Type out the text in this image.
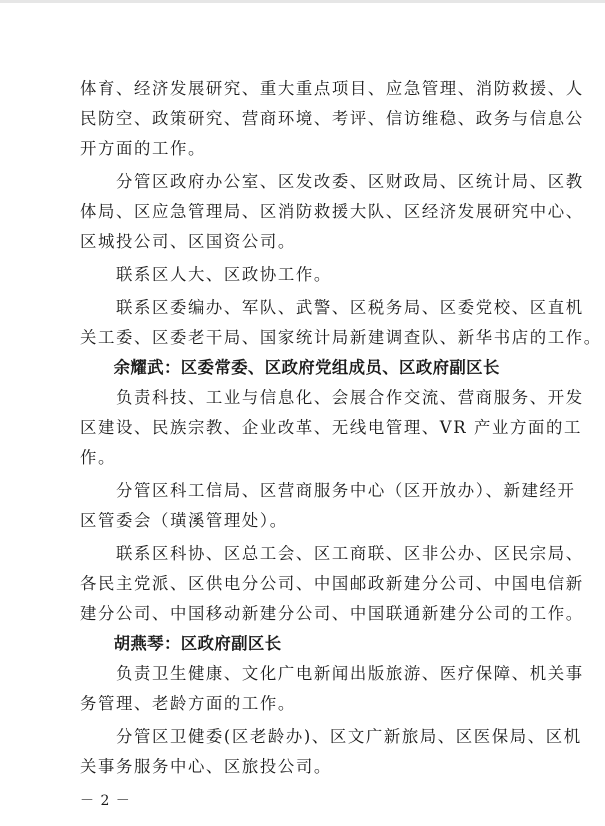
体育、经济发展研究、重大重点项目、应急管理、消防救援、人

民防空、政策研究、营商环境、考评、信访维稳、政务与信息公

开方面的工作。

　　分管区政府办公室、区发改委、区财政局、区统计局、区教

体局、区应急管理局、区消防救援大队、区经济发展研究中心、

区城投公司、区国资公司。

　　联系区人大、区政协工作。

　　联系区委编办、军队、武警、区税务局、区委党校、区直机

关工委、区委老干局、国家统计局新建调查队、新华书店的工作。

　　余耀武：区委常委、区政府党组成员、区政府副区长

　　负责科技、工业与信息化、会展合作交流、营商服务、开发

区建设、民族宗教、企业改革、无线电管理、VR 产业方面的工

作。

　　分管区科工信局、区营商服务中心（区开放办）、新建经开

区管委会（璜溪管理处）。

　　联系区科协、区总工会、区工商联、区非公办、区民宗局、

各民主党派、区供电分公司、中国邮政新建分公司、中国电信新

建分公司、中国移动新建分公司、中国联通新建分公司的工作。

　　胡燕琴：区政府副区长

　　负责卫生健康、文化广电新闻出版旅游、医疗保障、机关事

务管理、老龄方面的工作。

　　分管区卫健委(区老龄办)、区文广新旅局、区医保局、区机

关事务服务中心、区旅投公司。

－ 2 －
